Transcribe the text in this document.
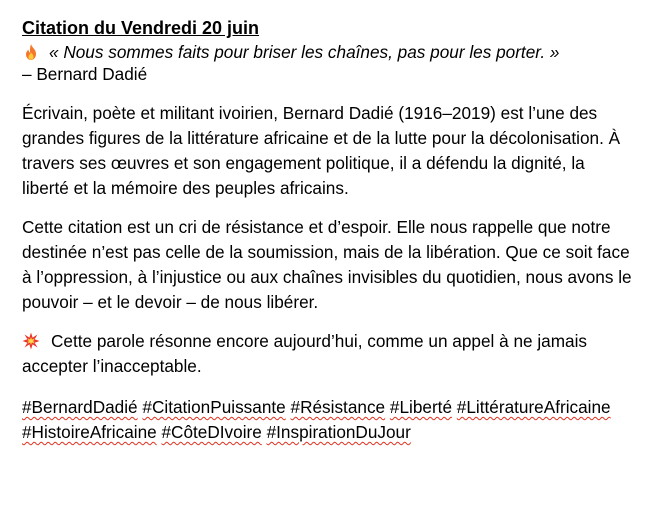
Citation du Vendredi 20 juin

« Nous sommes faits pour briser les chaînes, pas pour les porter. »

– Bernard Dadié

Écrivain, poète et militant ivoirien, Bernard Dadié (1916–2019) est l’une des grandes figures de la littérature africaine et de la lutte pour la décolonisation. À travers ses œuvres et son engagement politique, il a défendu la dignité, la liberté et la mémoire des peuples africains.

Cette citation est un cri de résistance et d’espoir. Elle nous rappelle que notre destinée n’est pas celle de la soumission, mais de la libération. Que ce soit face à l’oppression, à l’injustice ou aux chaînes invisibles du quotidien, nous avons le pouvoir – et le devoir – de nous libérer.

Cette parole résonne encore aujourd’hui, comme un appel à ne jamais accepter l’inacceptable.

#BernardDadié #CitationPuissante #Résistance #Liberté #LittératureAfricaine #HistoireAfricaine #CôteDIvoire #InspirationDuJour
